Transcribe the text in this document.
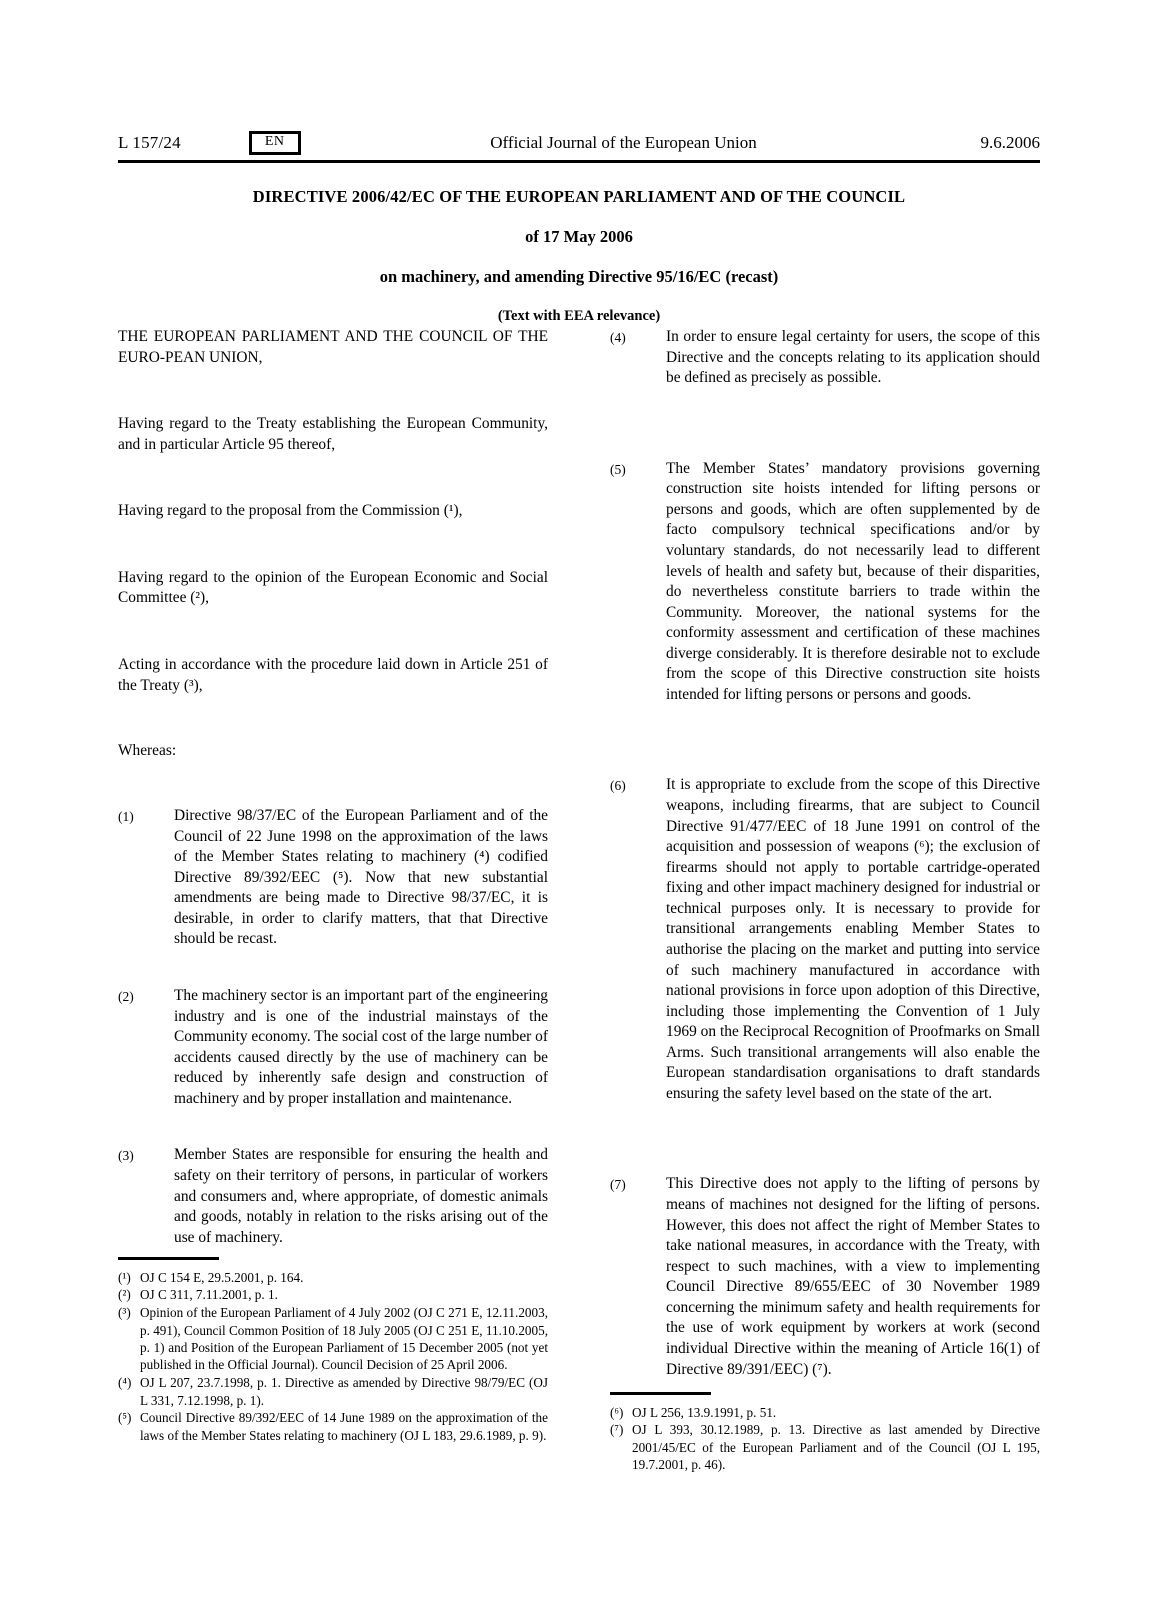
L 157/24	EN	Official Journal of the European Union	9.6.2006
DIRECTIVE 2006/42/EC OF THE EUROPEAN PARLIAMENT AND OF THE COUNCIL
of 17 May 2006
on machinery, and amending Directive 95/16/EC (recast)
(Text with EEA relevance)
THE EUROPEAN PARLIAMENT AND THE COUNCIL OF THE EURO-PEAN UNION,
Having regard to the Treaty establishing the European Community, and in particular Article 95 thereof,
Having regard to the proposal from the Commission (¹),
Having regard to the opinion of the European Economic and Social Committee (²),
Acting in accordance with the procedure laid down in Article 251 of the Treaty (³),
Whereas:
(1)	Directive 98/37/EC of the European Parliament and of the Council of 22 June 1998 on the approximation of the laws of the Member States relating to machinery (⁴) codified Directive 89/392/EEC (⁵). Now that new substantial amendments are being made to Directive 98/37/EC, it is desirable, in order to clarify matters, that that Directive should be recast.
(2)	The machinery sector is an important part of the engineering industry and is one of the industrial mainstays of the Community economy. The social cost of the large number of accidents caused directly by the use of machinery can be reduced by inherently safe design and construction of machinery and by proper installation and maintenance.
(3)	Member States are responsible for ensuring the health and safety on their territory of persons, in particular of workers and consumers and, where appropriate, of domestic animals and goods, notably in relation to the risks arising out of the use of machinery.
(4)	In order to ensure legal certainty for users, the scope of this Directive and the concepts relating to its application should be defined as precisely as possible.
(5)	The Member States’ mandatory provisions governing construction site hoists intended for lifting persons or persons and goods, which are often supplemented by de facto compulsory technical specifications and/or by voluntary standards, do not necessarily lead to different levels of health and safety but, because of their disparities, do nevertheless constitute barriers to trade within the Community. Moreover, the national systems for the conformity assessment and certification of these machines diverge considerably. It is therefore desirable not to exclude from the scope of this Directive construction site hoists intended for lifting persons or persons and goods.
(6)	It is appropriate to exclude from the scope of this Directive weapons, including firearms, that are subject to Council Directive 91/477/EEC of 18 June 1991 on control of the acquisition and possession of weapons (⁶); the exclusion of firearms should not apply to portable cartridge-operated fixing and other impact machinery designed for industrial or technical purposes only. It is necessary to provide for transitional arrangements enabling Member States to authorise the placing on the market and putting into service of such machinery manufactured in accordance with national provisions in force upon adoption of this Directive, including those implementing the Convention of 1 July 1969 on the Reciprocal Recognition of Proofmarks on Small Arms. Such transitional arrangements will also enable the European standardisation organisations to draft standards ensuring the safety level based on the state of the art.
(7)	This Directive does not apply to the lifting of persons by means of machines not designed for the lifting of persons. However, this does not affect the right of Member States to take national measures, in accordance with the Treaty, with respect to such machines, with a view to implementing Council Directive 89/655/EEC of 30 November 1989 concerning the minimum safety and health requirements for the use of work equipment by workers at work (second individual Directive within the meaning of Article 16(1) of Directive 89/391/EEC) (⁷).
(¹) OJ C 154 E, 29.5.2001, p. 164.
(²) OJ C 311, 7.11.2001, p. 1.
(³) Opinion of the European Parliament of 4 July 2002 (OJ C 271 E, 12.11.2003, p. 491), Council Common Position of 18 July 2005 (OJ C 251 E, 11.10.2005, p. 1) and Position of the European Parliament of 15 December 2005 (not yet published in the Official Journal). Council Decision of 25 April 2006.
(⁴) OJ L 207, 23.7.1998, p. 1. Directive as amended by Directive 98/79/EC (OJ L 331, 7.12.1998, p. 1).
(⁵) Council Directive 89/392/EEC of 14 June 1989 on the approximation of the laws of the Member States relating to machinery (OJ L 183, 29.6.1989, p. 9).
(⁶) OJ L 256, 13.9.1991, p. 51.
(⁷) OJ L 393, 30.12.1989, p. 13. Directive as last amended by Directive 2001/45/EC of the European Parliament and of the Council (OJ L 195, 19.7.2001, p. 46).
